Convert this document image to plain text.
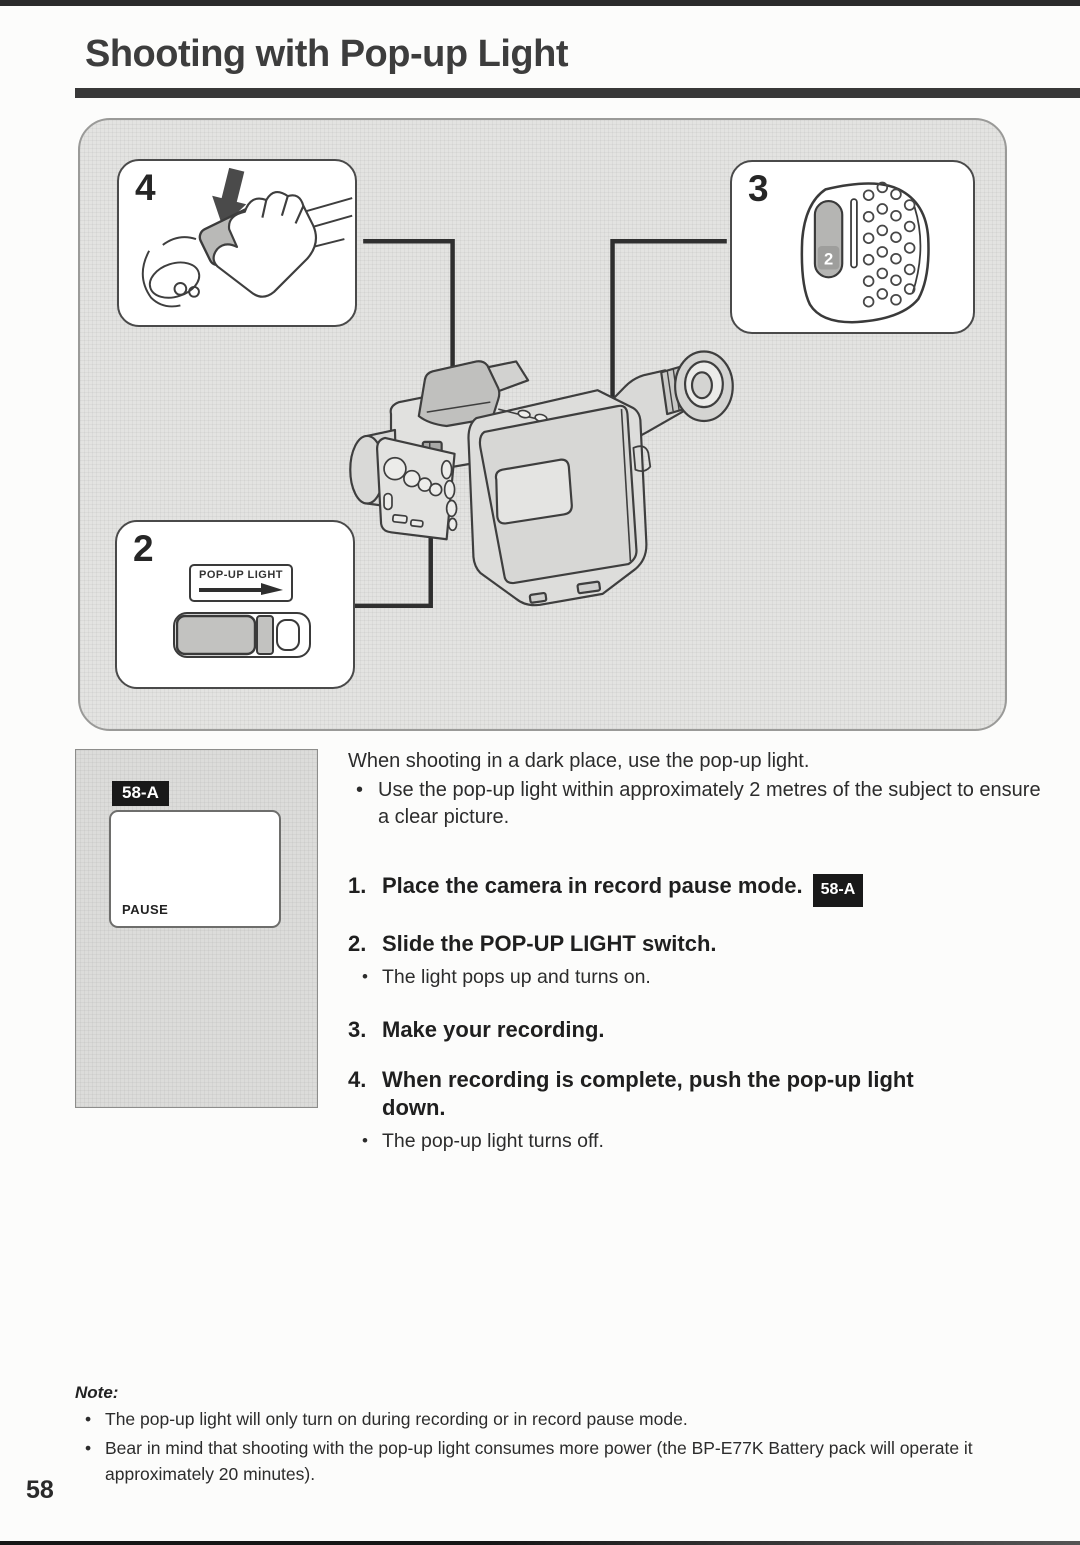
Shooting with Pop-up Light
4	3
2
2
POP-UP LIGHT
58-A
PAUSE

When shooting in a dark place, use the pop-up light.

• Use the pop-up light within approximately 2 metres of the subject to ensure a clear picture.

1. Place the camera in record pause mode.	58-A
2. Slide the POP-UP LIGHT switch.

• The light pops up and turns on.

3. Make your recording.
4. When recording is complete, push the pop-up light down.

• The pop-up light turns off.

Note:

• The pop-up light will only turn on during recording or in record pause mode.

• Bear in mind that shooting with the pop-up light consumes more power (the BP-E77K Battery pack will operate it approximately 20 minutes).

58
